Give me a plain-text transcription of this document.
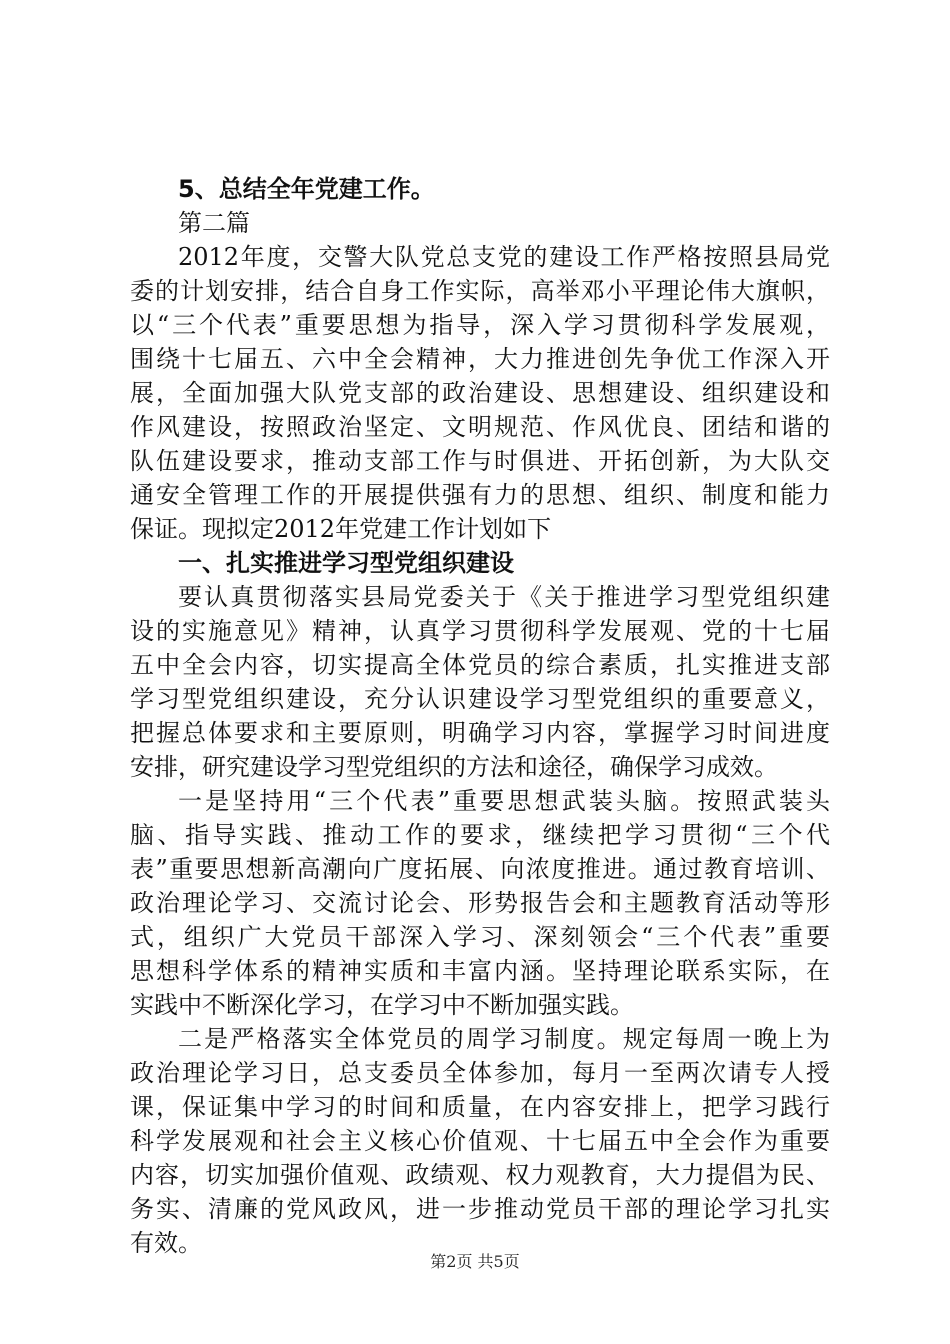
5、总结全年党建工作。
第二篇
2012年度，交警大队党总支党的建设工作严格按照县局党
委的计划安排，结合自身工作实际，高举邓小平理论伟大旗帜，
以“三个代表”重要思想为指导，深入学习贯彻科学发展观，
围绕十七届五、六中全会精神，大力推进创先争优工作深入开
展，全面加强大队党支部的政治建设、思想建设、组织建设和
作风建设，按照政治坚定、文明规范、作风优良、团结和谐的
队伍建设要求，推动支部工作与时俱进、开拓创新，为大队交
通安全管理工作的开展提供强有力的思想、组织、制度和能力
保证。现拟定2012年党建工作计划如下
一、扎实推进学习型党组织建设
要认真贯彻落实县局党委关于《关于推进学习型党组织建
设的实施意见》精神，认真学习贯彻科学发展观、党的十七届
五中全会内容，切实提高全体党员的综合素质，扎实推进支部
学习型党组织建设，充分认识建设学习型党组织的重要意义，
把握总体要求和主要原则，明确学习内容，掌握学习时间进度
安排，研究建设学习型党组织的方法和途径，确保学习成效。
一是坚持用“三个代表”重要思想武装头脑。按照武装头
脑、指导实践、推动工作的要求，继续把学习贯彻“三个代
表”重要思想新高潮向广度拓展、向浓度推进。通过教育培训、
政治理论学习、交流讨论会、形势报告会和主题教育活动等形
式，组织广大党员干部深入学习、深刻领会“三个代表”重要
思想科学体系的精神实质和丰富内涵。坚持理论联系实际，在
实践中不断深化学习，在学习中不断加强实践。
二是严格落实全体党员的周学习制度。规定每周一晚上为
政治理论学习日，总支委员全体参加，每月一至两次请专人授
课，保证集中学习的时间和质量，在内容安排上，把学习践行
科学发展观和社会主义核心价值观、十七届五中全会作为重要
内容，切实加强价值观、政绩观、权力观教育，大力提倡为民、
务实、清廉的党风政风，进一步推动党员干部的理论学习扎实
有效。
第2页 共5页
